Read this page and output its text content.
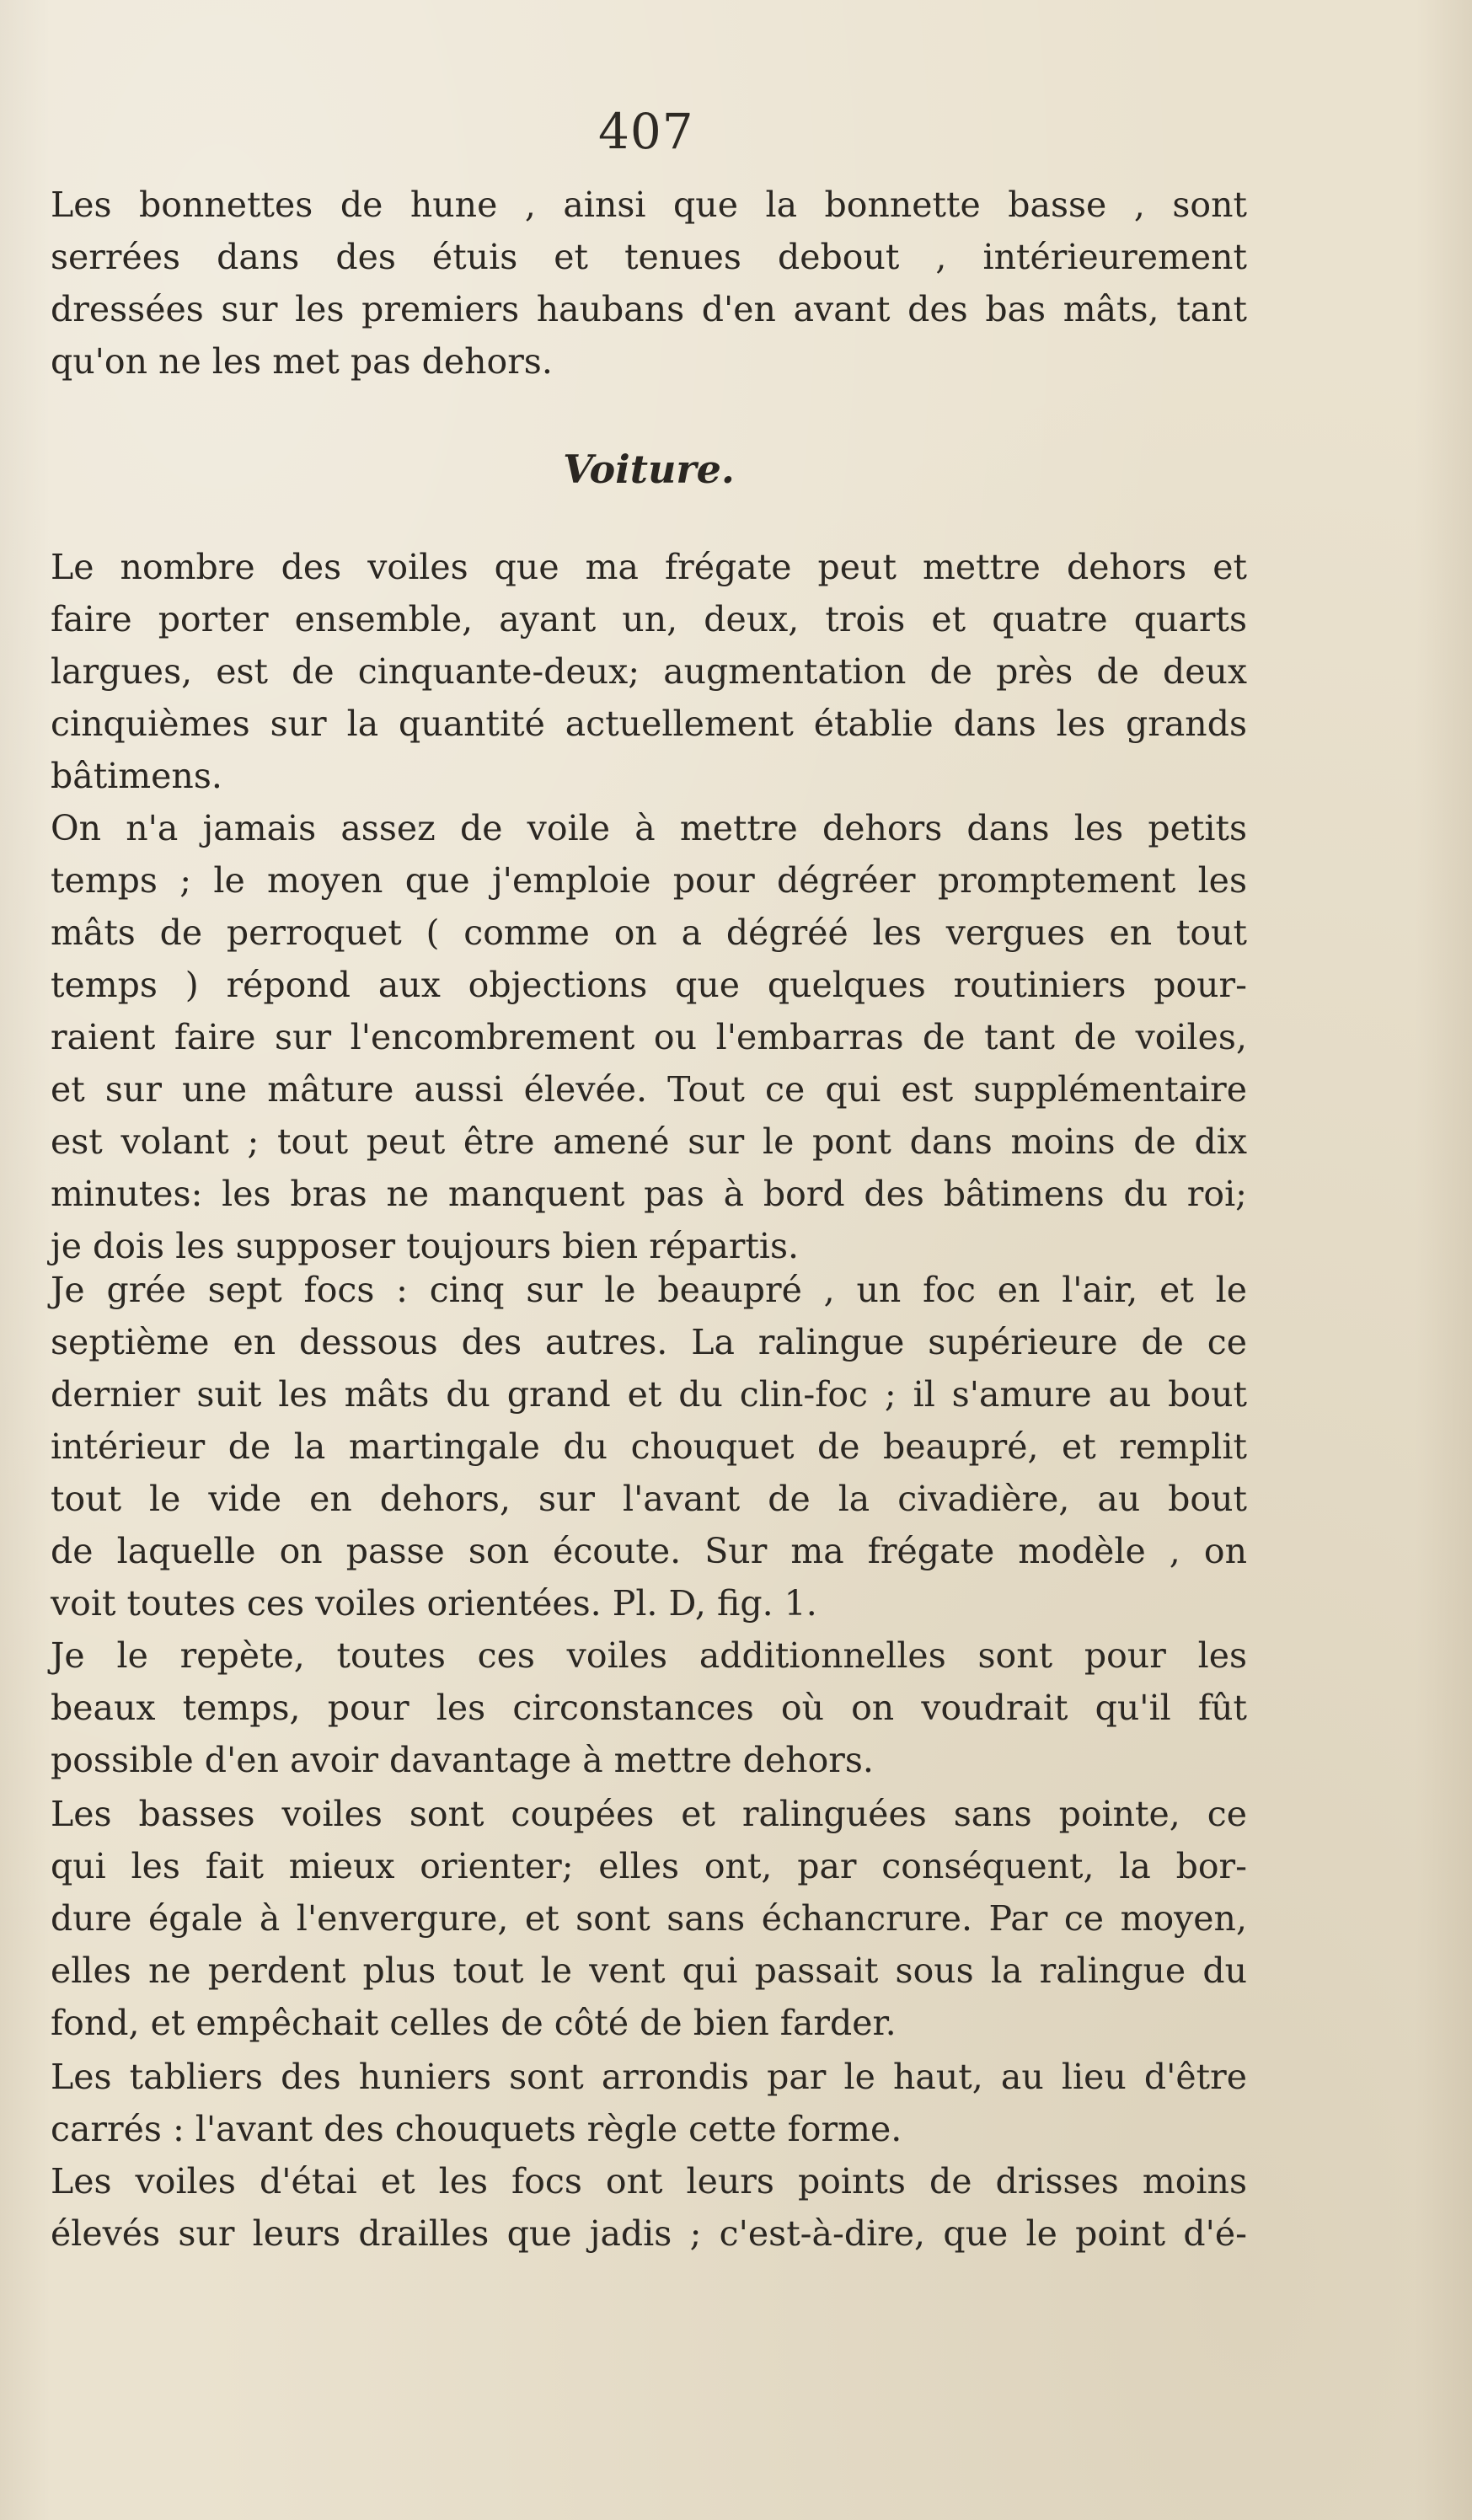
407
Les bonnettes de hune , ainsi que la bonnette basse , sont
serrées dans des étuis et tenues debout , intérieurement
dressées sur les premiers haubans d'en avant des bas mâts, tant
qu'on ne les met pas dehors.
Voiture.
Le nombre des voiles que ma frégate peut mettre dehors et
faire porter ensemble, ayant un, deux, trois et quatre quarts
largues, est de cinquante-deux; augmentation de près de deux
cinquièmes sur la quantité actuellement établie dans les grands
bâtimens.
On n'a jamais assez de voile à mettre dehors dans les petits
temps ; le moyen que j'emploie pour dégréer promptement les
mâts de perroquet ( comme on a dégréé les vergues en tout
temps ) répond aux objections que quelques routiniers pour-
raient faire sur l'encombrement ou l'embarras de tant de voiles,
et sur une mâture aussi élevée. Tout ce qui est supplémentaire
est volant ; tout peut être amené sur le pont dans moins de dix
minutes: les bras ne manquent pas à bord des bâtimens du roi;
je dois les supposer toujours bien répartis.
Je grée sept focs : cinq sur le beaupré , un foc en l'air, et le
septième en dessous des autres. La ralingue supérieure de ce
dernier suit les mâts du grand et du clin-foc ; il s'amure au bout
intérieur de la martingale du chouquet de beaupré, et remplit
tout le vide en dehors, sur l'avant de la civadière, au bout
de laquelle on passe son écoute. Sur ma frégate modèle , on
voit toutes ces voiles orientées. Pl. D, fig. 1.
Je le repète, toutes ces voiles additionnelles sont pour les
beaux temps, pour les circonstances où on voudrait qu'il fût
possible d'en avoir davantage à mettre dehors.
Les basses voiles sont coupées et ralinguées sans pointe, ce
qui les fait mieux orienter; elles ont, par conséquent, la bor-
dure égale à l'envergure, et sont sans échancrure. Par ce moyen,
elles ne perdent plus tout le vent qui passait sous la ralingue du
fond, et empêchait celles de côté de bien farder.
Les tabliers des huniers sont arrondis par le haut, au lieu d'être
carrés : l'avant des chouquets règle cette forme.
Les voiles d'étai et les focs ont leurs points de drisses moins
élevés sur leurs drailles que jadis ; c'est-à-dire, que le point d'é-
